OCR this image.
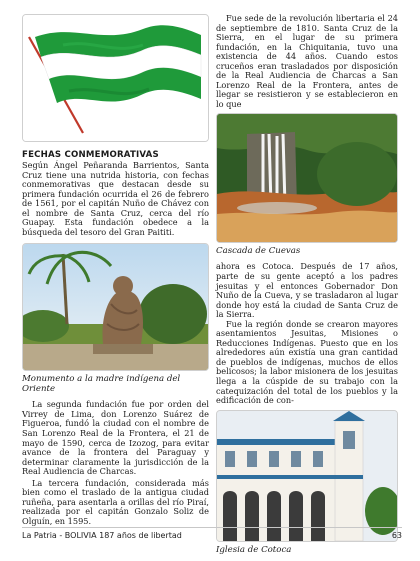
FECHAS CONMEMORATIVAS

Según Ángel Peñaranda Barrientos, Santa Cruz tiene una nutrida historia, con fechas conmemorativas que destacan desde su primera fundación ocurrida el 26 de febrero de 1561, por el capitán Nuño de Chávez con el nombre de Santa Cruz, cerca del río Guapay. Esta fundación obedece a la búsqueda del tesoro del Gran Paititi.

Monumento a la madre indígena del Oriente

La segunda fundación fue por orden del Virrey de Lima, don Lorenzo Suárez de Figueroa, fundó la ciudad con el nombre de San Lorenzo Real de la Frontera, el 21 de mayo de 1590, cerca de Izozog, para evitar avance de la frontera del Paraguay y determinar claramente la jurisdicción de la Real Audiencia de Charcas.

La tercera fundación, considerada más bien como el traslado de la antigua ciudad ruñeña, para asentarla a orillas del río Piraí, realizada por el capitán Gonzalo Soliz de Olguín, en 1595.

Fue sede de la revolución libertaria el 24 de septiembre de 1810. Santa Cruz de la Sierra, en el lugar de su primera fundación, en la Chiquitania, tuvo una existencia de 44 años. Cuando estos cruceños eran trasladados por disposición de la Real Audiencia de Charcas a San Lorenzo Real de la Frontera, antes de llegar se resistieron y se establecieron en lo que

Cascada de Cuevas

ahora es Cotoca. Después de 17 años, parte de su gente aceptó a los padres jesuitas y el entonces Gobernador Don Nuño de la Cueva, y se trasladaron al lugar donde hoy está la ciudad de Santa Cruz de la Sierra.

Fue la región donde se crearon mayores asentamientos Jesuitas, Misiones o Reducciones Indígenas. Puesto que en los alrededores aún existía una gran cantidad de pueblos de indígenas, muchos de ellos belicosos; la labor misionera de los jesuitas llega a la cúspide de su trabajo con la catequización del total de los pueblos y la edificación de con-

Iglesia de Cotoca
La Patria - BOLIVIA 187 años de libertad	63
